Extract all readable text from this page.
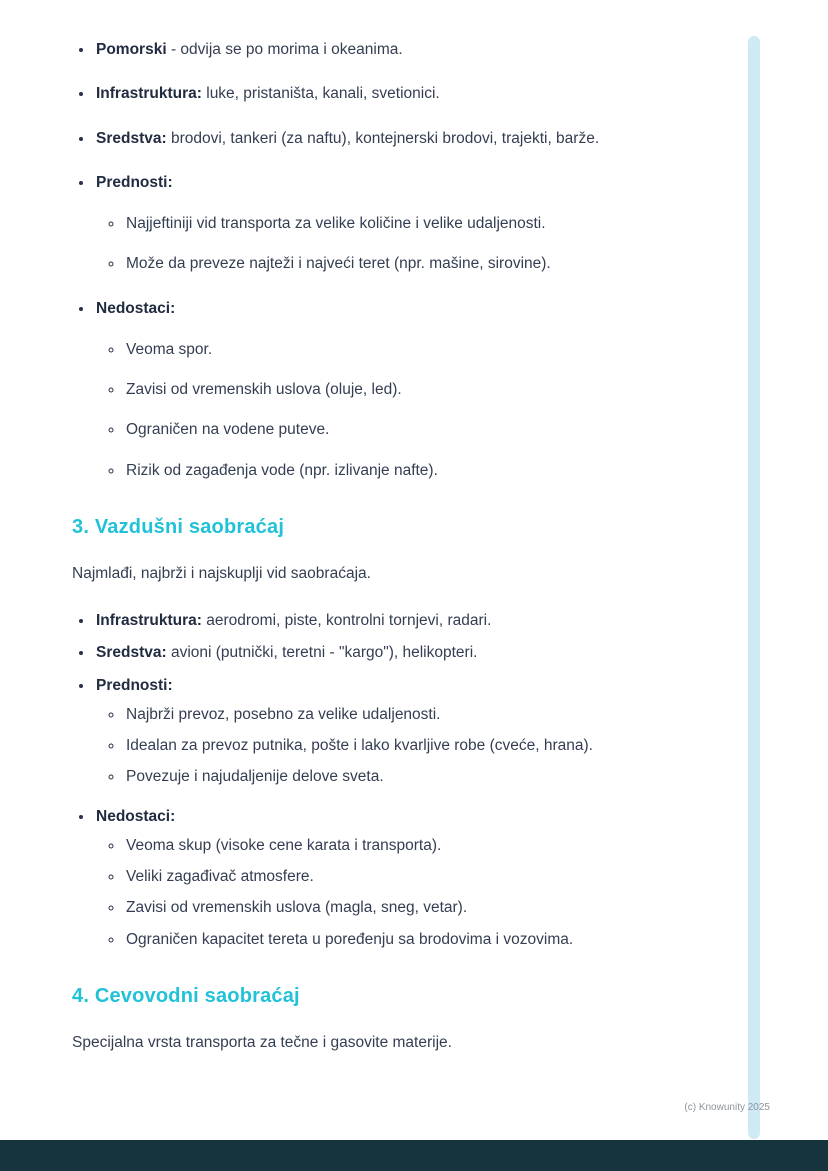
• Pomorski - odvija se po morima i okeanima.
• Infrastruktura: luke, pristaništa, kanali, svetionici.
• Sredstva: brodovi, tankeri (za naftu), kontejnerski brodovi, trajekti, barže.
• Prednosti:
◦ Najjeftiniji vid transporta za velike količine i velike udaljenosti.
◦ Može da preveze najteži i najveći teret (npr. mašine, sirovine).
• Nedostaci:
◦ Veoma spor.
◦ Zavisi od vremenskih uslova (oluje, led).
◦ Ograničen na vodene puteve.
◦ Rizik od zagađenja vode (npr. izlivanje nafte).
3. Vazdušni saobraćaj

Najmlađi, najbrži i najskuplji vid saobraćaja.

• Infrastruktura: aerodromi, piste, kontrolni tornjevi, radari.
• Sredstva: avioni (putnički, teretni - "kargo"), helikopteri.
• Prednosti:
◦ Najbrži prevoz, posebno za velike udaljenosti.
◦ Idealan za prevoz putnika, pošte i lako kvarljive robe (cveće, hrana).
◦ Povezuje i najudaljenije delove sveta.
• Nedostaci:
◦ Veoma skup (visoke cene karata i transporta).
◦ Veliki zagađivač atmosfere.
◦ Zavisi od vremenskih uslova (magla, sneg, vetar).
◦ Ograničen kapacitet tereta u poređenju sa brodovima i vozovima.
4. Cevovodni saobraćaj

Specijalna vrsta transporta za tečne i gasovite materije.

(c) Knowunity 2025
